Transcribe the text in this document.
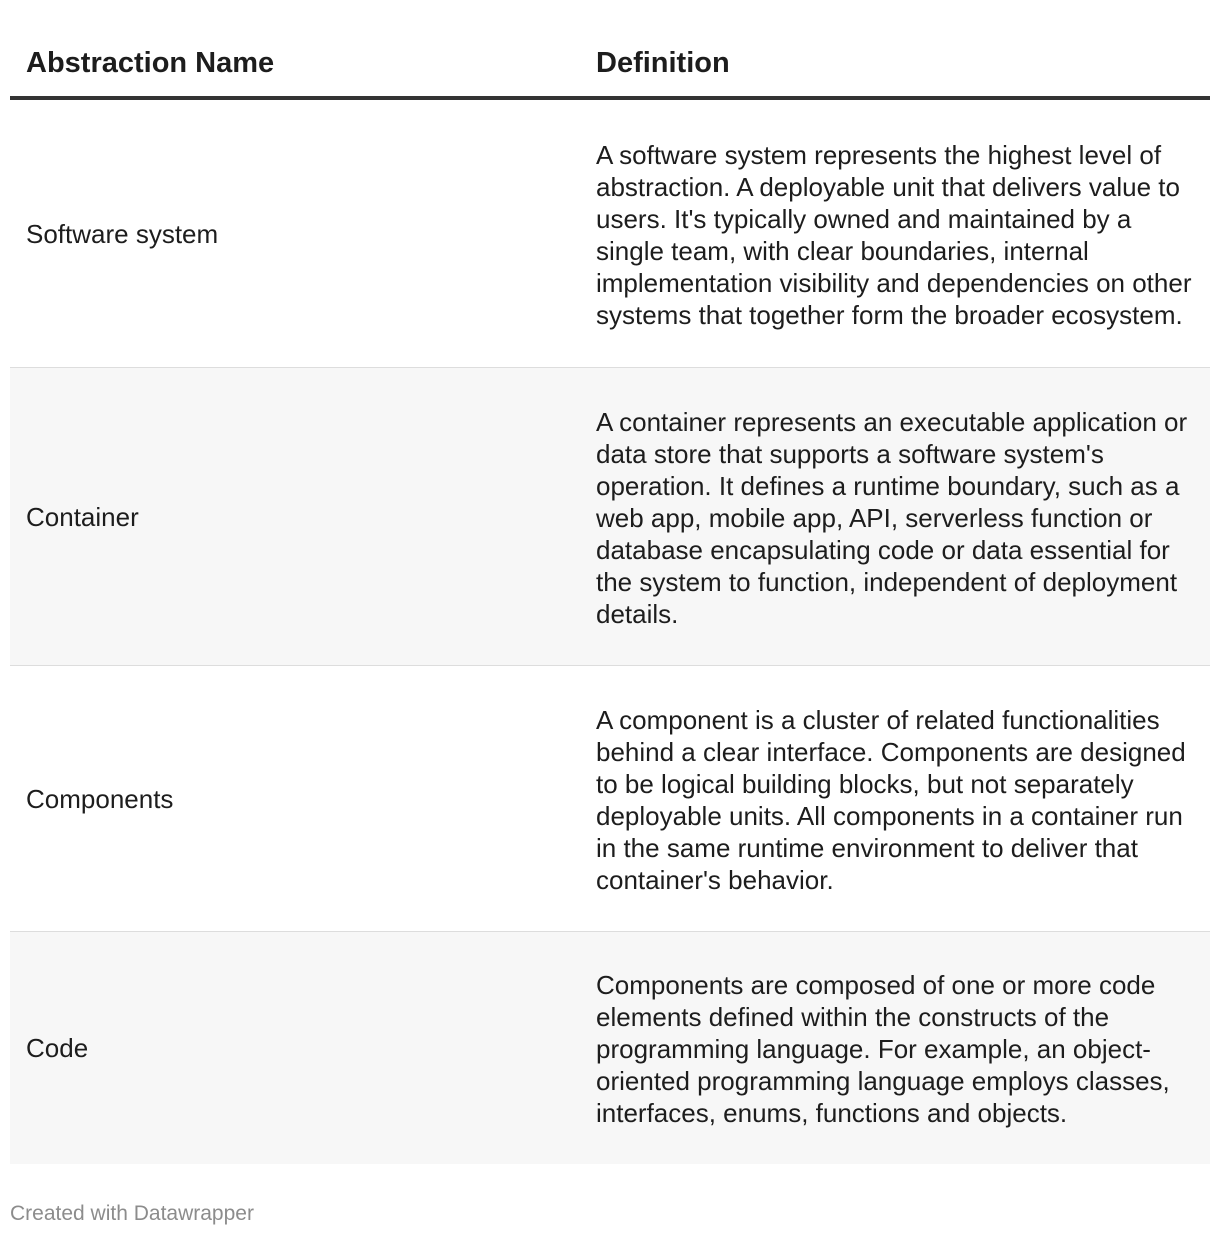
Abstraction Name	Definition
Software system
A software system represents the highest level of abstraction. A deployable unit that delivers value to users. It's typically owned and maintained by a single team, with clear boundaries, internal implementation visibility and dependencies on other systems that together form the broader ecosystem.
Container
A container represents an executable application or data store that supports a software system's operation. It defines a runtime boundary, such as a web app, mobile app, API, serverless function or database encapsulating code or data essential for the system to function, independent of deployment details.
Components
A component is a cluster of related functionalities behind a clear interface. Components are designed to be logical building blocks, but not separately deployable units. All components in a container run in the same runtime environment to deliver that container's behavior.
Code
Components are composed of one or more code elements defined within the constructs of the programming language. For example, an object-oriented programming language employs classes, interfaces, enums, functions and objects.
Created with Datawrapper
